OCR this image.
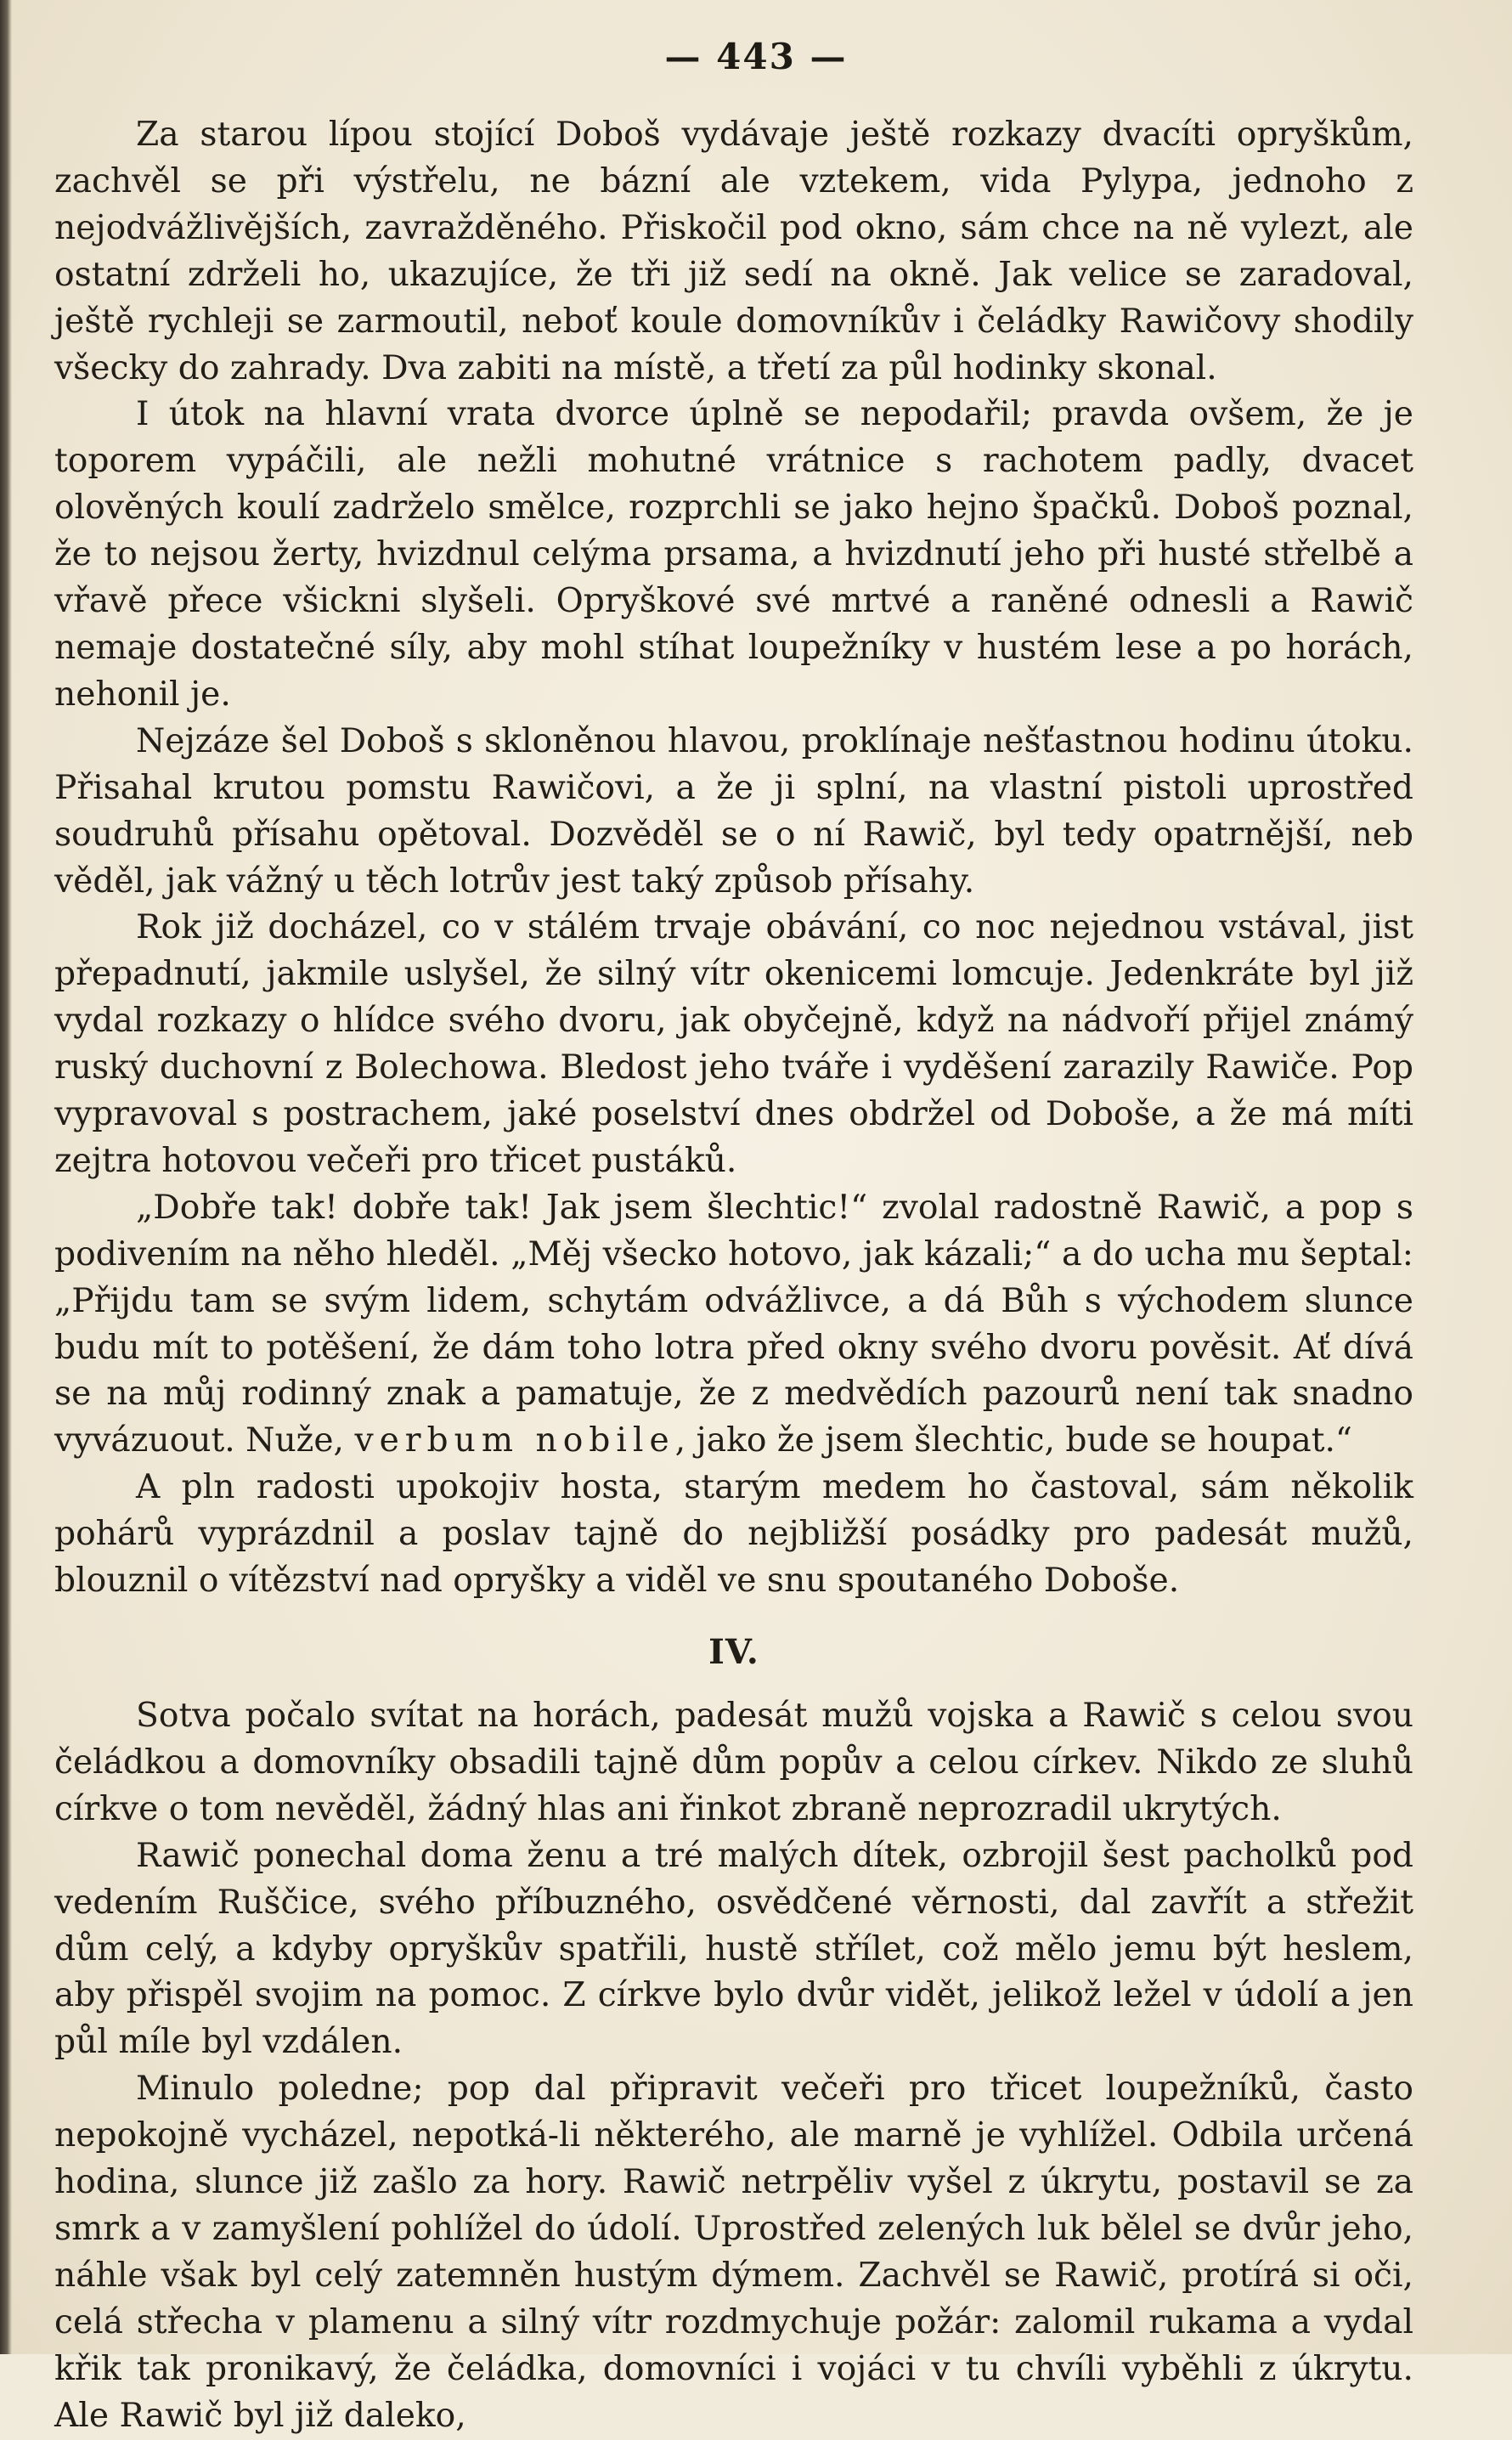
— 443 —

Za starou lípou stojící Doboš vydávaje ještě rozkazy dvacíti opryškům, zachvěl se při výstřelu, ne bázní ale vztekem, vida Pylypa, jednoho z nejodvážlivějších, zavražděného. Přiskočil pod okno, sám chce na ně vylezt, ale ostatní zdrželi ho, ukazujíce, že tři již sedí na okně. Jak velice se zaradoval, ještě rychleji se zarmoutil, neboť koule domovníkův i čeládky Rawičovy shodily všecky do zahrady. Dva zabiti na místě, a třetí za půl hodinky skonal.

I útok na hlavní vrata dvorce úplně se nepodařil; pravda ovšem, že je toporem vypáčili, ale nežli mohutné vrátnice s rachotem padly, dvacet olověných koulí zadrželo smělce, rozprchli se jako hejno špačků. Doboš poznal, že to nejsou žerty, hvizdnul celýma prsama, a hvizdnutí jeho při husté střelbě a vřavě přece všickni slyšeli. Opryškové své mrtvé a raněné odnesli a Rawič nemaje dostatečné síly, aby mohl stíhat loupežníky v hustém lese a po horách, nehonil je.

Nejzáze šel Doboš s skloněnou hlavou, proklínaje nešťastnou hodinu útoku. Přisahal krutou pomstu Rawičovi, a že ji splní, na vlastní pistoli uprostřed soudruhů přísahu opětoval. Dozvěděl se o ní Rawič, byl tedy opatrnější, neb věděl, jak vážný u těch lotrův jest taký způsob přísahy.

Rok již docházel, co v stálém trvaje obávání, co noc nejednou vstával, jist přepadnutí, jakmile uslyšel, že silný vítr okenicemi lomcuje. Jedenkráte byl již vydal rozkazy o hlídce svého dvoru, jak obyčejně, když na nádvoří přijel známý ruský duchovní z Bolechowa. Bledost jeho tváře i vyděšení zarazily Rawiče. Pop vypravoval s postrachem, jaké poselství dnes obdržel od Doboše, a že má míti zejtra hotovou večeři pro třicet pustáků.

„Dobře tak! dobře tak! Jak jsem šlechtic!“ zvolal radostně Rawič, a pop s podivením na něho hleděl. „Měj všecko hotovo, jak kázali;“ a do ucha mu šeptal: „Přijdu tam se svým lidem, schytám odvážlivce, a dá Bůh s východem slunce budu mít to potěšení, že dám toho lotra před okny svého dvoru pověsit. Ať dívá se na můj rodinný znak a pamatuje, že z medvědích pazourů není tak snadno vyvázuout. Nuže, verbum nobile, jako že jsem šlechtic, bude se houpat.“

A pln radosti upokojiv hosta, starým medem ho častoval, sám několik pohárů vyprázdnil a poslav tajně do nejbližší posádky pro padesát mužů, blouznil o vítězství nad opryšky a viděl ve snu spoutaného Doboše.

IV.

Sotva počalo svítat na horách, padesát mužů vojska a Rawič s celou svou čeládkou a domovníky obsadili tajně dům popův a celou církev. Nikdo ze sluhů církve o tom nevěděl, žádný hlas ani řinkot zbraně neprozradil ukrytých.

Rawič ponechal doma ženu a tré malých dítek, ozbrojil šest pacholků pod vedením Ruščice, svého příbuzného, osvědčené věrnosti, dal zavřít a střežit dům celý, a kdyby opryškův spatřili, hustě střílet, což mělo jemu být heslem, aby přispěl svojim na pomoc. Z církve bylo dvůr vidět, jelikož ležel v údolí a jen půl míle byl vzdálen.

Minulo poledne; pop dal připravit večeři pro třicet loupežníků, často nepokojně vycházel, nepotká-li některého, ale marně je vyhlížel. Odbila určená hodina, slunce již zašlo za hory. Rawič netrpěliv vyšel z úkrytu, postavil se za smrk a v zamyšlení pohlížel do údolí. Uprostřed zelených luk bělel se dvůr jeho, náhle však byl celý zatemněn hustým dýmem. Zachvěl se Rawič, protírá si oči, celá střecha v plamenu a silný vítr rozdmychuje požár: zalomil rukama a vydal křik tak pronikavý, že čeládka, domovníci i vojáci v tu chvíli vyběhli z úkrytu. Ale Rawič byl již daleko,
